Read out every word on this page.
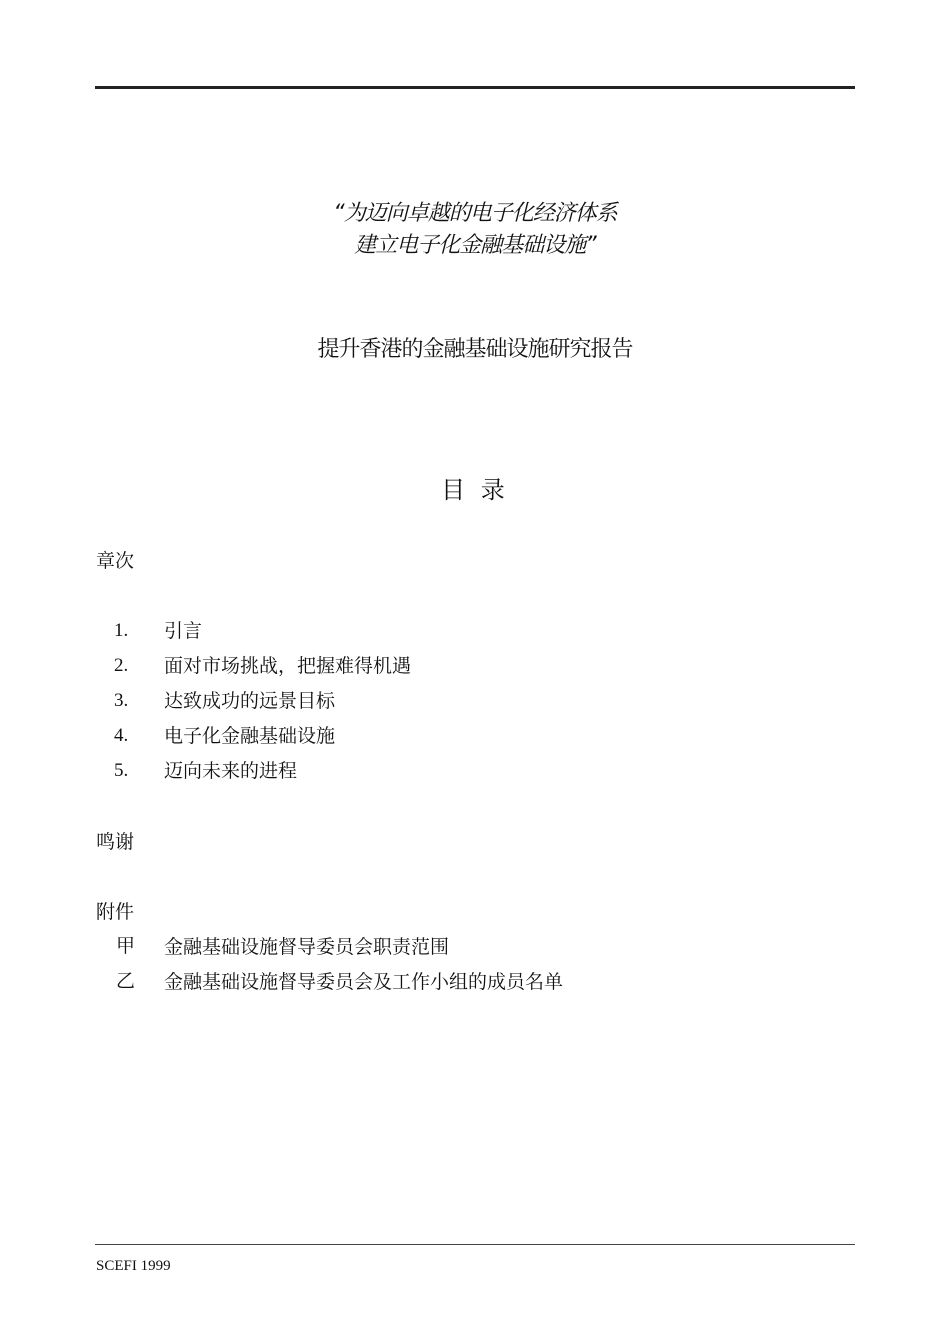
“为迈向卓越的电子化经济体系
建立电子化金融基础设施”
提升香港的金融基础设施研究报告
目 录
章次
1. 引言
2. 面对市场挑战，把握难得机遇
3. 达致成功的远景目标
4. 电子化金融基础设施
5. 迈向未来的进程
鸣谢
附件
甲 金融基础设施督导委员会职责范围
乙 金融基础设施督导委员会及工作小组的成员名单
SCEFI 1999
